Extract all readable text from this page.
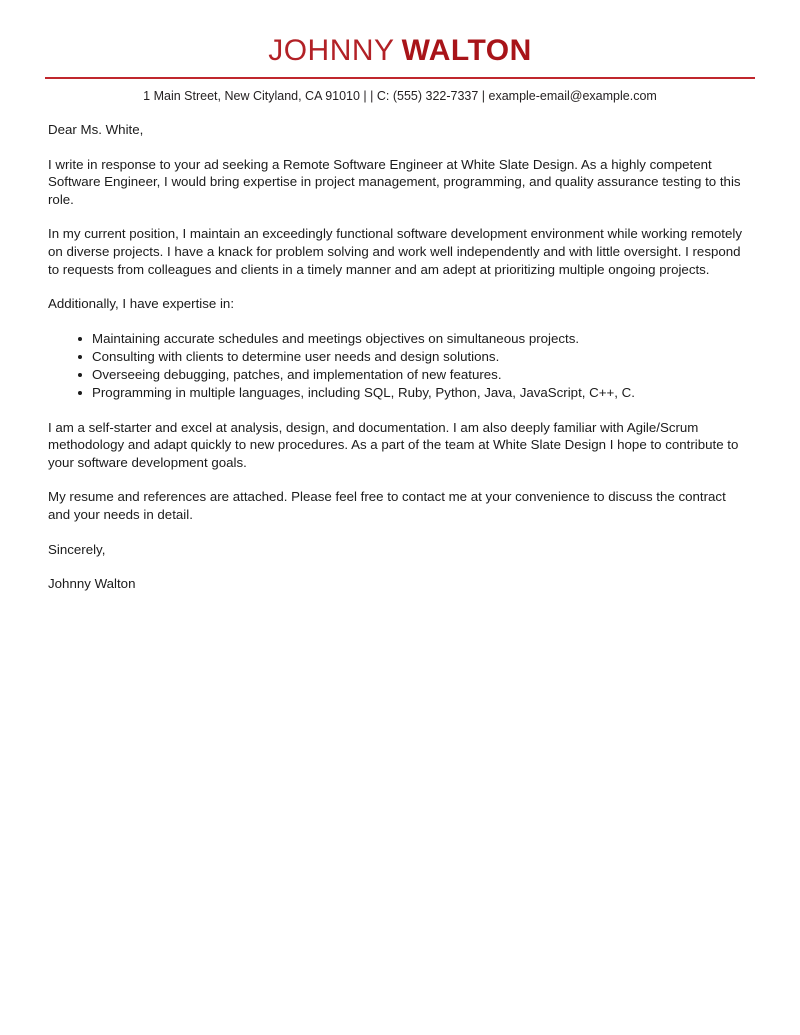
JOHNNY WALTON
1 Main Street, New Cityland, CA 91010 | | C: (555) 322-7337 | example-email@example.com

Dear Ms. White,

I write in response to your ad seeking a Remote Software Engineer at White Slate Design. As a highly competent Software Engineer, I would bring expertise in project management, programming, and quality assurance testing to this role.

In my current position, I maintain an exceedingly functional software development environment while working remotely on diverse projects. I have a knack for problem solving and work well independently and with little oversight. I respond to requests from colleagues and clients in a timely manner and am adept at prioritizing multiple ongoing projects.

Additionally, I have expertise in:

Maintaining accurate schedules and meetings objectives on simultaneous projects.
Consulting with clients to determine user needs and design solutions.
Overseeing debugging, patches, and implementation of new features.
Programming in multiple languages, including SQL, Ruby, Python, Java, JavaScript, C++, C.

I am a self-starter and excel at analysis, design, and documentation. I am also deeply familiar with Agile/Scrum methodology and adapt quickly to new procedures. As a part of the team at White Slate Design I hope to contribute to your software development goals.

My resume and references are attached. Please feel free to contact me at your convenience to discuss the contract and your needs in detail.

Sincerely,

Johnny Walton
